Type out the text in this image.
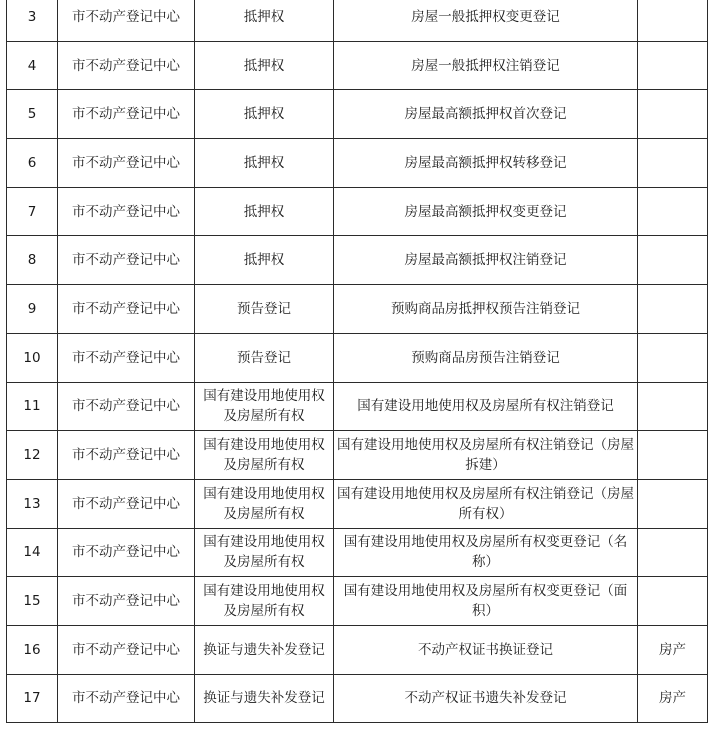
3	市不动产登记中心	抵押权	房屋一般抵押权变更登记	
4	市不动产登记中心	抵押权	房屋一般抵押权注销登记	
5	市不动产登记中心	抵押权	房屋最高额抵押权首次登记	
6	市不动产登记中心	抵押权	房屋最高额抵押权转移登记	
7	市不动产登记中心	抵押权	房屋最高额抵押权变更登记	
8	市不动产登记中心	抵押权	房屋最高额抵押权注销登记	
9	市不动产登记中心	预告登记	预购商品房抵押权预告注销登记	
10	市不动产登记中心	预告登记	预购商品房预告注销登记	
11	市不动产登记中心	国有建设用地使用权及房屋所有权	国有建设用地使用权及房屋所有权注销登记	
12	市不动产登记中心	国有建设用地使用权及房屋所有权	国有建设用地使用权及房屋所有权注销登记（房屋拆建）	
13	市不动产登记中心	国有建设用地使用权及房屋所有权	国有建设用地使用权及房屋所有权注销登记（房屋所有权）	
14	市不动产登记中心	国有建设用地使用权及房屋所有权	国有建设用地使用权及房屋所有权变更登记（名称）	
15	市不动产登记中心	国有建设用地使用权及房屋所有权	国有建设用地使用权及房屋所有权变更登记（面积）	
16	市不动产登记中心	换证与遗失补发登记	不动产权证书换证登记	房产
17	市不动产登记中心	换证与遗失补发登记	不动产权证书遗失补发登记	房产
